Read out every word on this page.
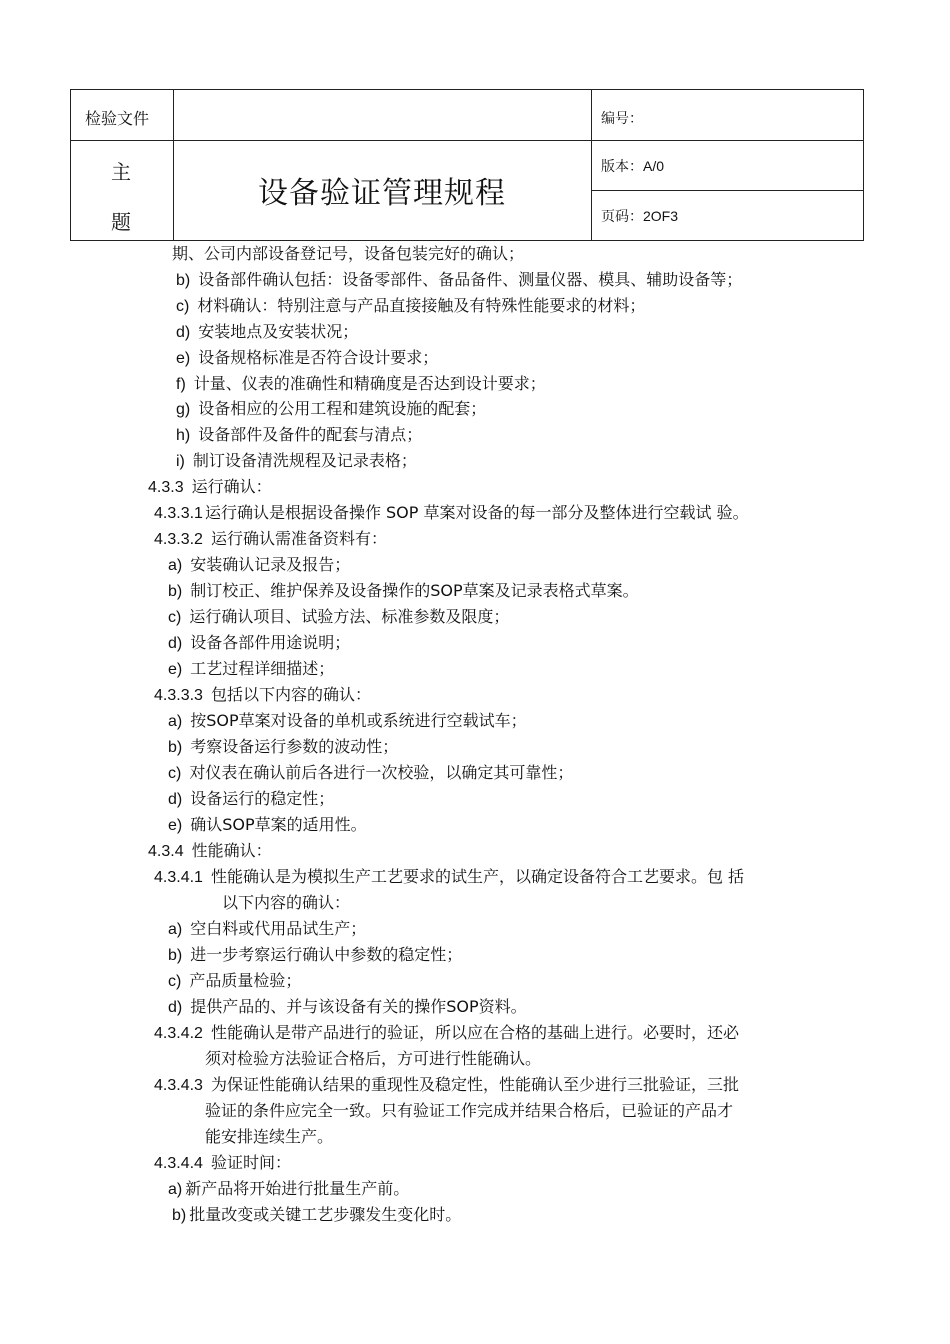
检验文件
主
题
设备验证管理规程
编号：
版本：A/0
页码：2OF3
期、公司内部设备登记号，设备包装完好的确认；
b) 设备部件确认包括：设备零部件、备品备件、测量仪器、模具、辅助设备等；
c) 材料确认：特别注意与产品直接接触及有特殊性能要求的材料；
d) 安装地点及安装状况；
e) 设备规格标准是否符合设计要求；
f) 计量、仪表的准确性和精确度是否达到设计要求；
g) 设备相应的公用工程和建筑设施的配套；
h) 设备部件及备件的配套与清点；
i) 制订设备清洗规程及记录表格；
4.3.3 运行确认：
4.3.3.1 运行确认是根据设备操作 SOP 草案对设备的每一部分及整体进行空载试 验。
4.3.3.2 运行确认需准备资料有：
a) 安装确认记录及报告；
b) 制订校正、维护保养及设备操作的SOP草案及记录表格式草案。
c) 运行确认项目、试验方法、标准参数及限度；
d) 设备各部件用途说明；
e) 工艺过程详细描述；
4.3.3.3 包括以下内容的确认：
a) 按SOP草案对设备的单机或系统进行空载试车；
b) 考察设备运行参数的波动性；
c) 对仪表在确认前后各进行一次校验，以确定其可靠性；
d) 设备运行的稳定性；
e) 确认SOP草案的适用性。
4.3.4 性能确认：
4.3.4.1 性能确认是为模拟生产工艺要求的试生产，以确定设备符合工艺要求。包 括
以下内容的确认：
a) 空白料或代用品试生产；
b) 进一步考察运行确认中参数的稳定性；
c) 产品质量检验；
d) 提供产品的、并与该设备有关的操作SOP资料。
4.3.4.2 性能确认是带产品进行的验证，所以应在合格的基础上进行。必要时，还必
须对检验方法验证合格后，方可进行性能确认。
4.3.4.3 为保证性能确认结果的重现性及稳定性，性能确认至少进行三批验证，三批
验证的条件应完全一致。只有验证工作完成并结果合格后，已验证的产品才
能安排连续生产。
4.3.4.4 验证时间：
a) 新产品将开始进行批量生产前。
b) 批量改变或关键工艺步骤发生变化时。
